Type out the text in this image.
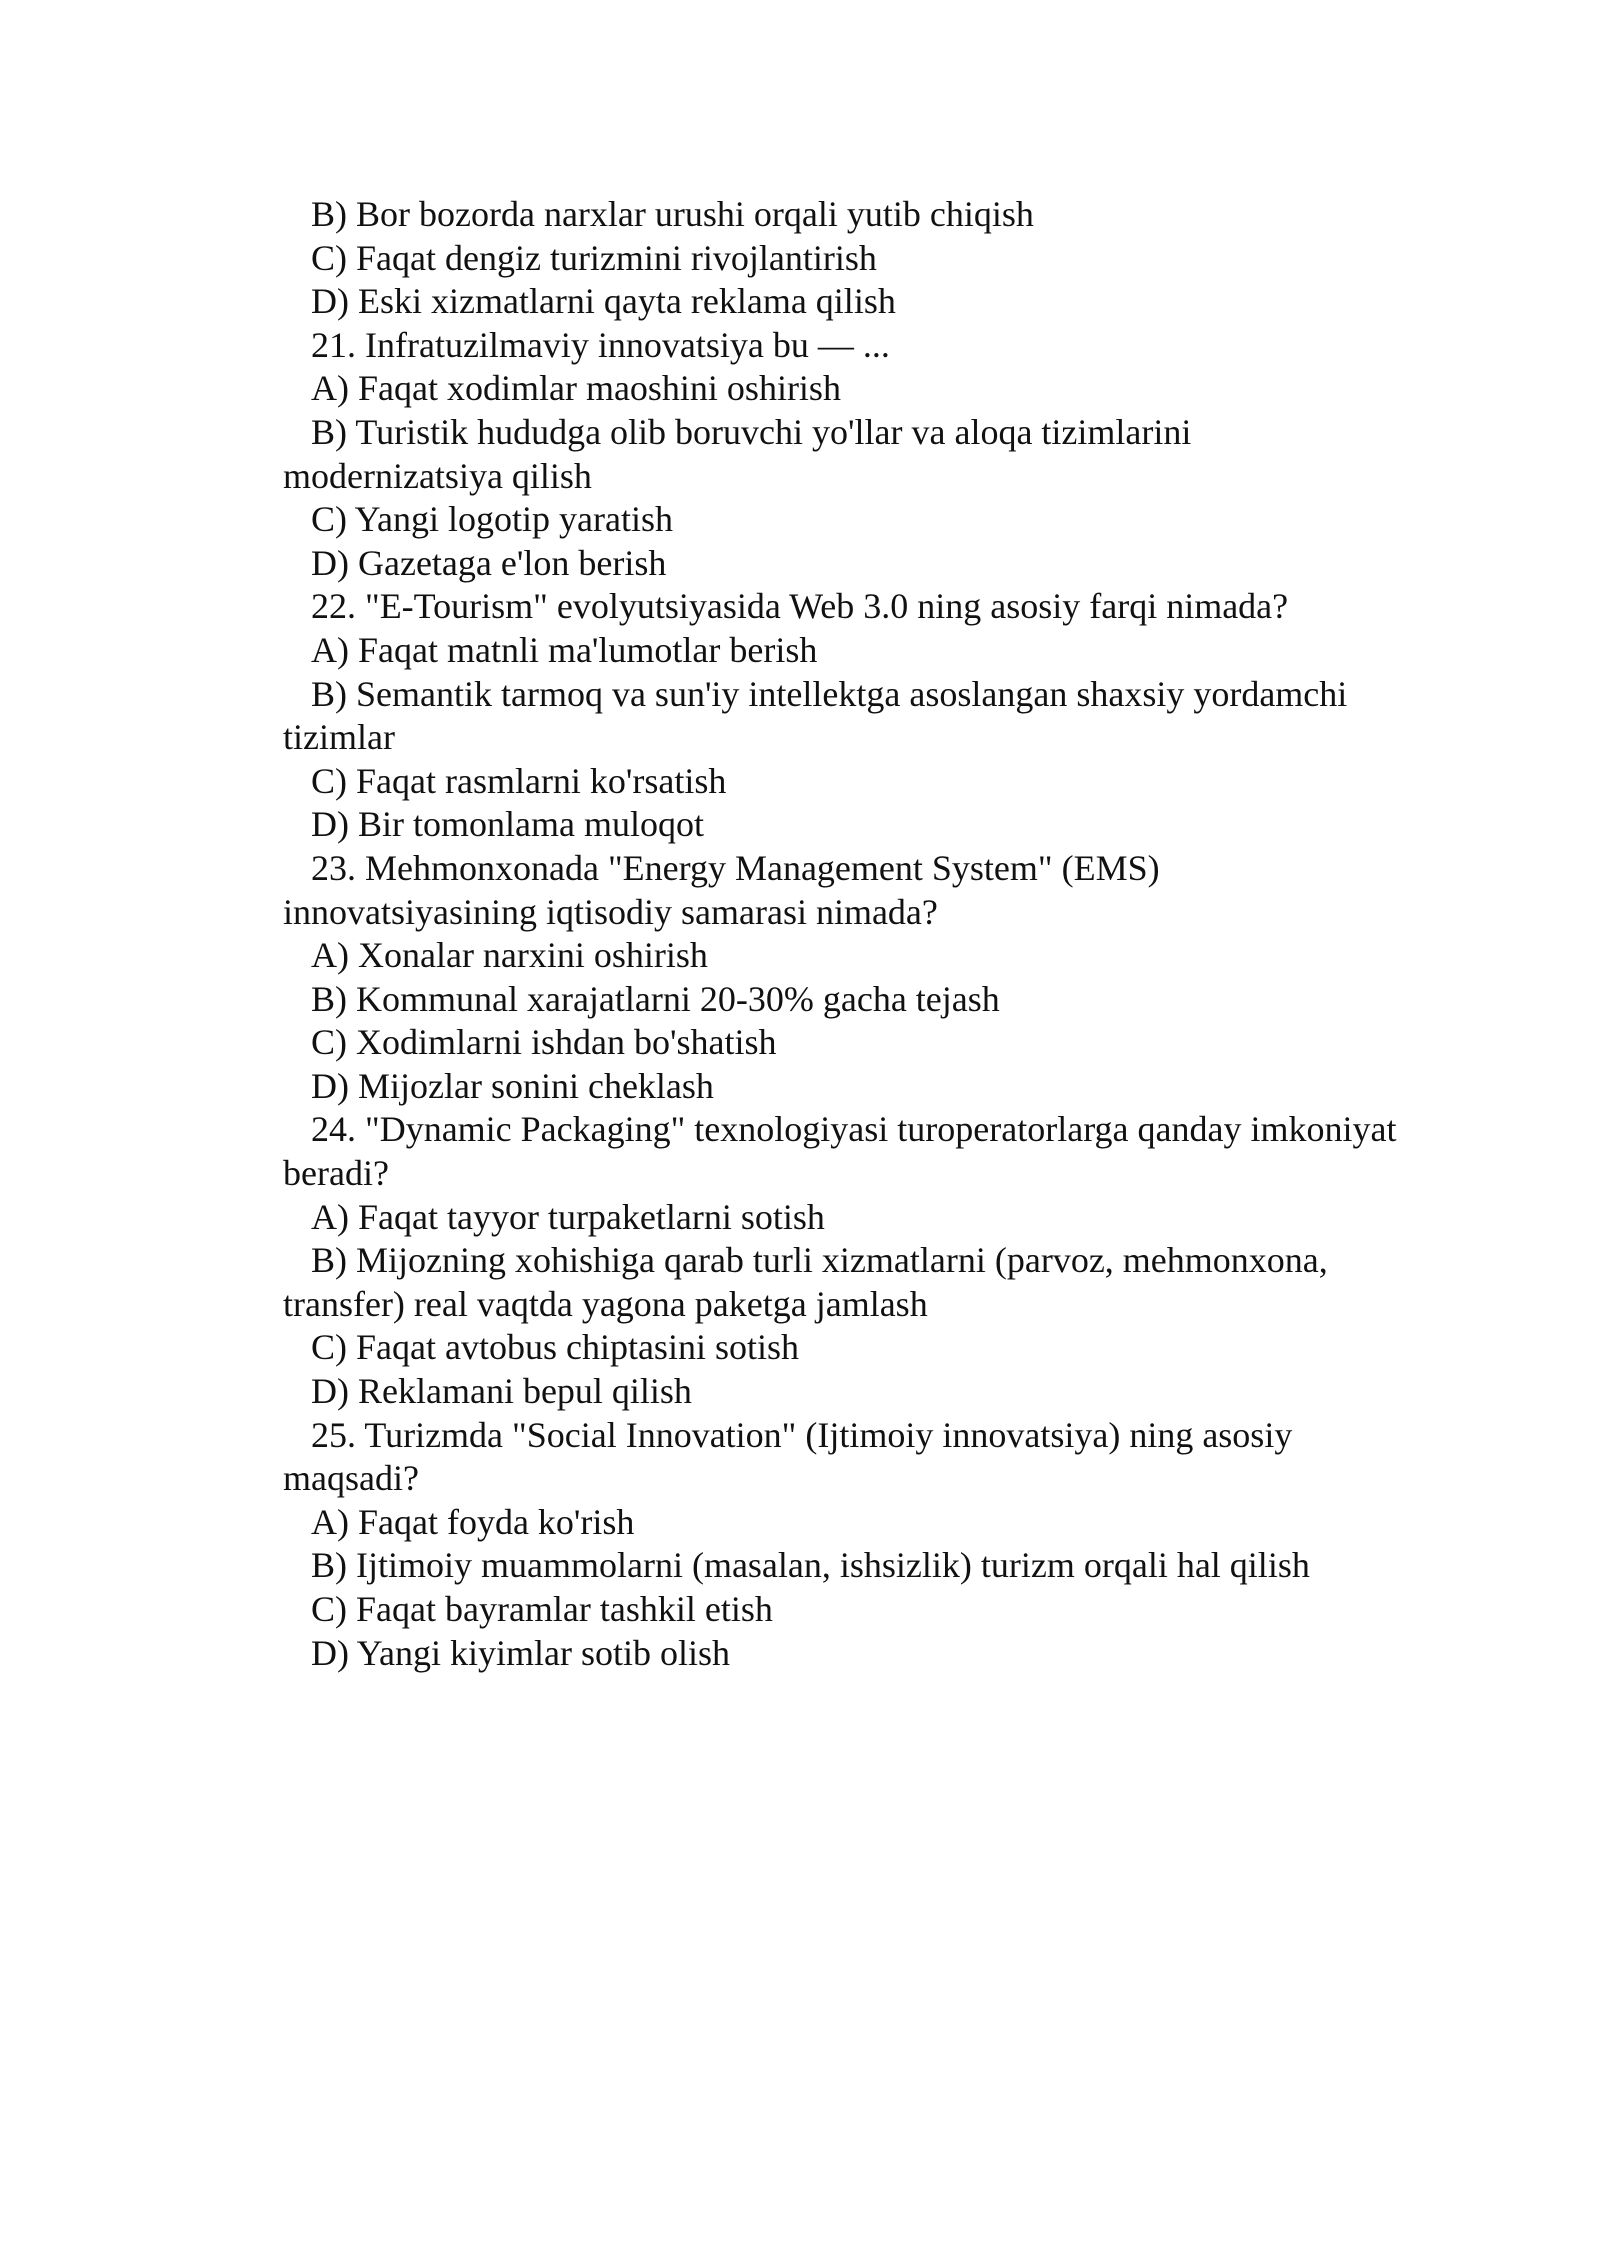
B) Bor bozorda narxlar urushi orqali yutib chiqish

C) Faqat dengiz turizmini rivojlantirish

D) Eski xizmatlarni qayta reklama qilish

21. Infratuzilmaviy innovatsiya bu — ...

A) Faqat xodimlar maoshini oshirish

B) Turistik hududga olib boruvchi yo'llar va aloqa tizimlarini modernizatsiya qilish

C) Yangi logotip yaratish

D) Gazetaga e'lon berish

22. "E-Tourism" evolyutsiyasida Web 3.0 ning asosiy farqi nimada?

A) Faqat matnli ma'lumotlar berish

B) Semantik tarmoq va sun'iy intellektga asoslangan shaxsiy yordamchi tizimlar

C) Faqat rasmlarni ko'rsatish

D) Bir tomonlama muloqot

23. Mehmonxonada "Energy Management System" (EMS) innovatsiyasining iqtisodiy samarasi nimada?

A) Xonalar narxini oshirish

B) Kommunal xarajatlarni 20-30% gacha tejash

C) Xodimlarni ishdan bo'shatish

D) Mijozlar sonini cheklash

24. "Dynamic Packaging" texnologiyasi turoperatorlarga qanday imkoniyat beradi?

A) Faqat tayyor turpaketlarni sotish

B) Mijozning xohishiga qarab turli xizmatlarni (parvoz, mehmonxona, transfer) real vaqtda yagona paketga jamlash

C) Faqat avtobus chiptasini sotish

D) Reklamani bepul qilish

25. Turizmda "Social Innovation" (Ijtimoiy innovatsiya) ning asosiy maqsadi?

A) Faqat foyda ko'rish

B) Ijtimoiy muammolarni (masalan, ishsizlik) turizm orqali hal qilish

C) Faqat bayramlar tashkil etish

D) Yangi kiyimlar sotib olish
